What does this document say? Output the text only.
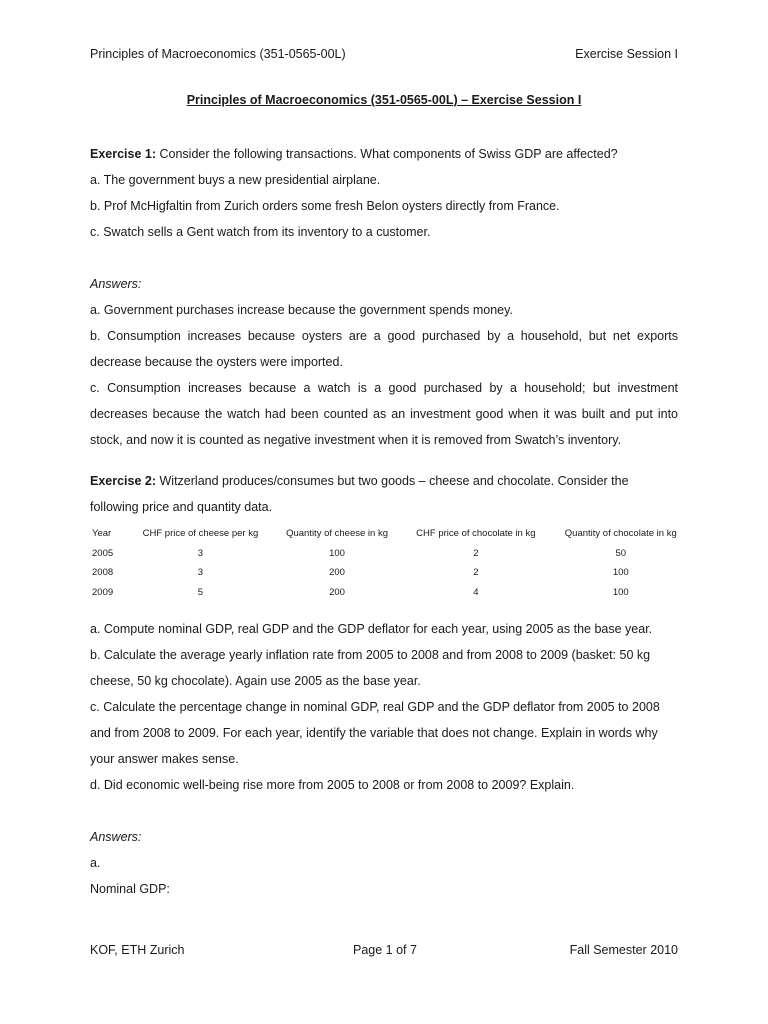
Principles of Macroeconomics (351-0565-00L)	Exercise Session I
Principles of Macroeconomics (351-0565-00L) – Exercise Session I

Exercise 1: Consider the following transactions. What components of Swiss GDP are affected?

a. The government buys a new presidential airplane.

b. Prof McHigfaltin from Zurich orders some fresh Belon oysters directly from France.

c. Swatch sells a Gent watch from its inventory to a customer.

Answers:

a. Government purchases increase because the government spends money.

b. Consumption increases because oysters are a good purchased by a household, but net exports decrease because the oysters were imported.

c. Consumption increases because a watch is a good purchased by a household; but investment decreases because the watch had been counted as an investment good when it was built and put into stock, and now it is counted as negative investment when it is removed from Swatch’s inventory.

Exercise 2: Witzerland produces/consumes but two goods – cheese and chocolate. Consider the following price and quantity data.

Year	CHF price of cheese per kg	Quantity of cheese in kg	CHF price of chocolate in kg	Quantity of chocolate in kg
2005	3	100	2	50
2008	3	200	2	100
2009	5	200	4	100

a. Compute nominal GDP, real GDP and the GDP deflator for each year, using 2005 as the base year.

b. Calculate the average yearly inflation rate from 2005 to 2008 and from 2008 to 2009 (basket: 50 kg cheese, 50 kg chocolate). Again use 2005 as the base year.

c. Calculate the percentage change in nominal GDP, real GDP and the GDP deflator from 2005 to 2008 and from 2008 to 2009. For each year, identify the variable that does not change. Explain in words why your answer makes sense.

d. Did economic well-being rise more from 2005 to 2008 or from 2008 to 2009? Explain.

Answers:

a.

Nominal GDP:

KOF, ETH Zurich	Page 1 of 7	Fall Semester 2010
